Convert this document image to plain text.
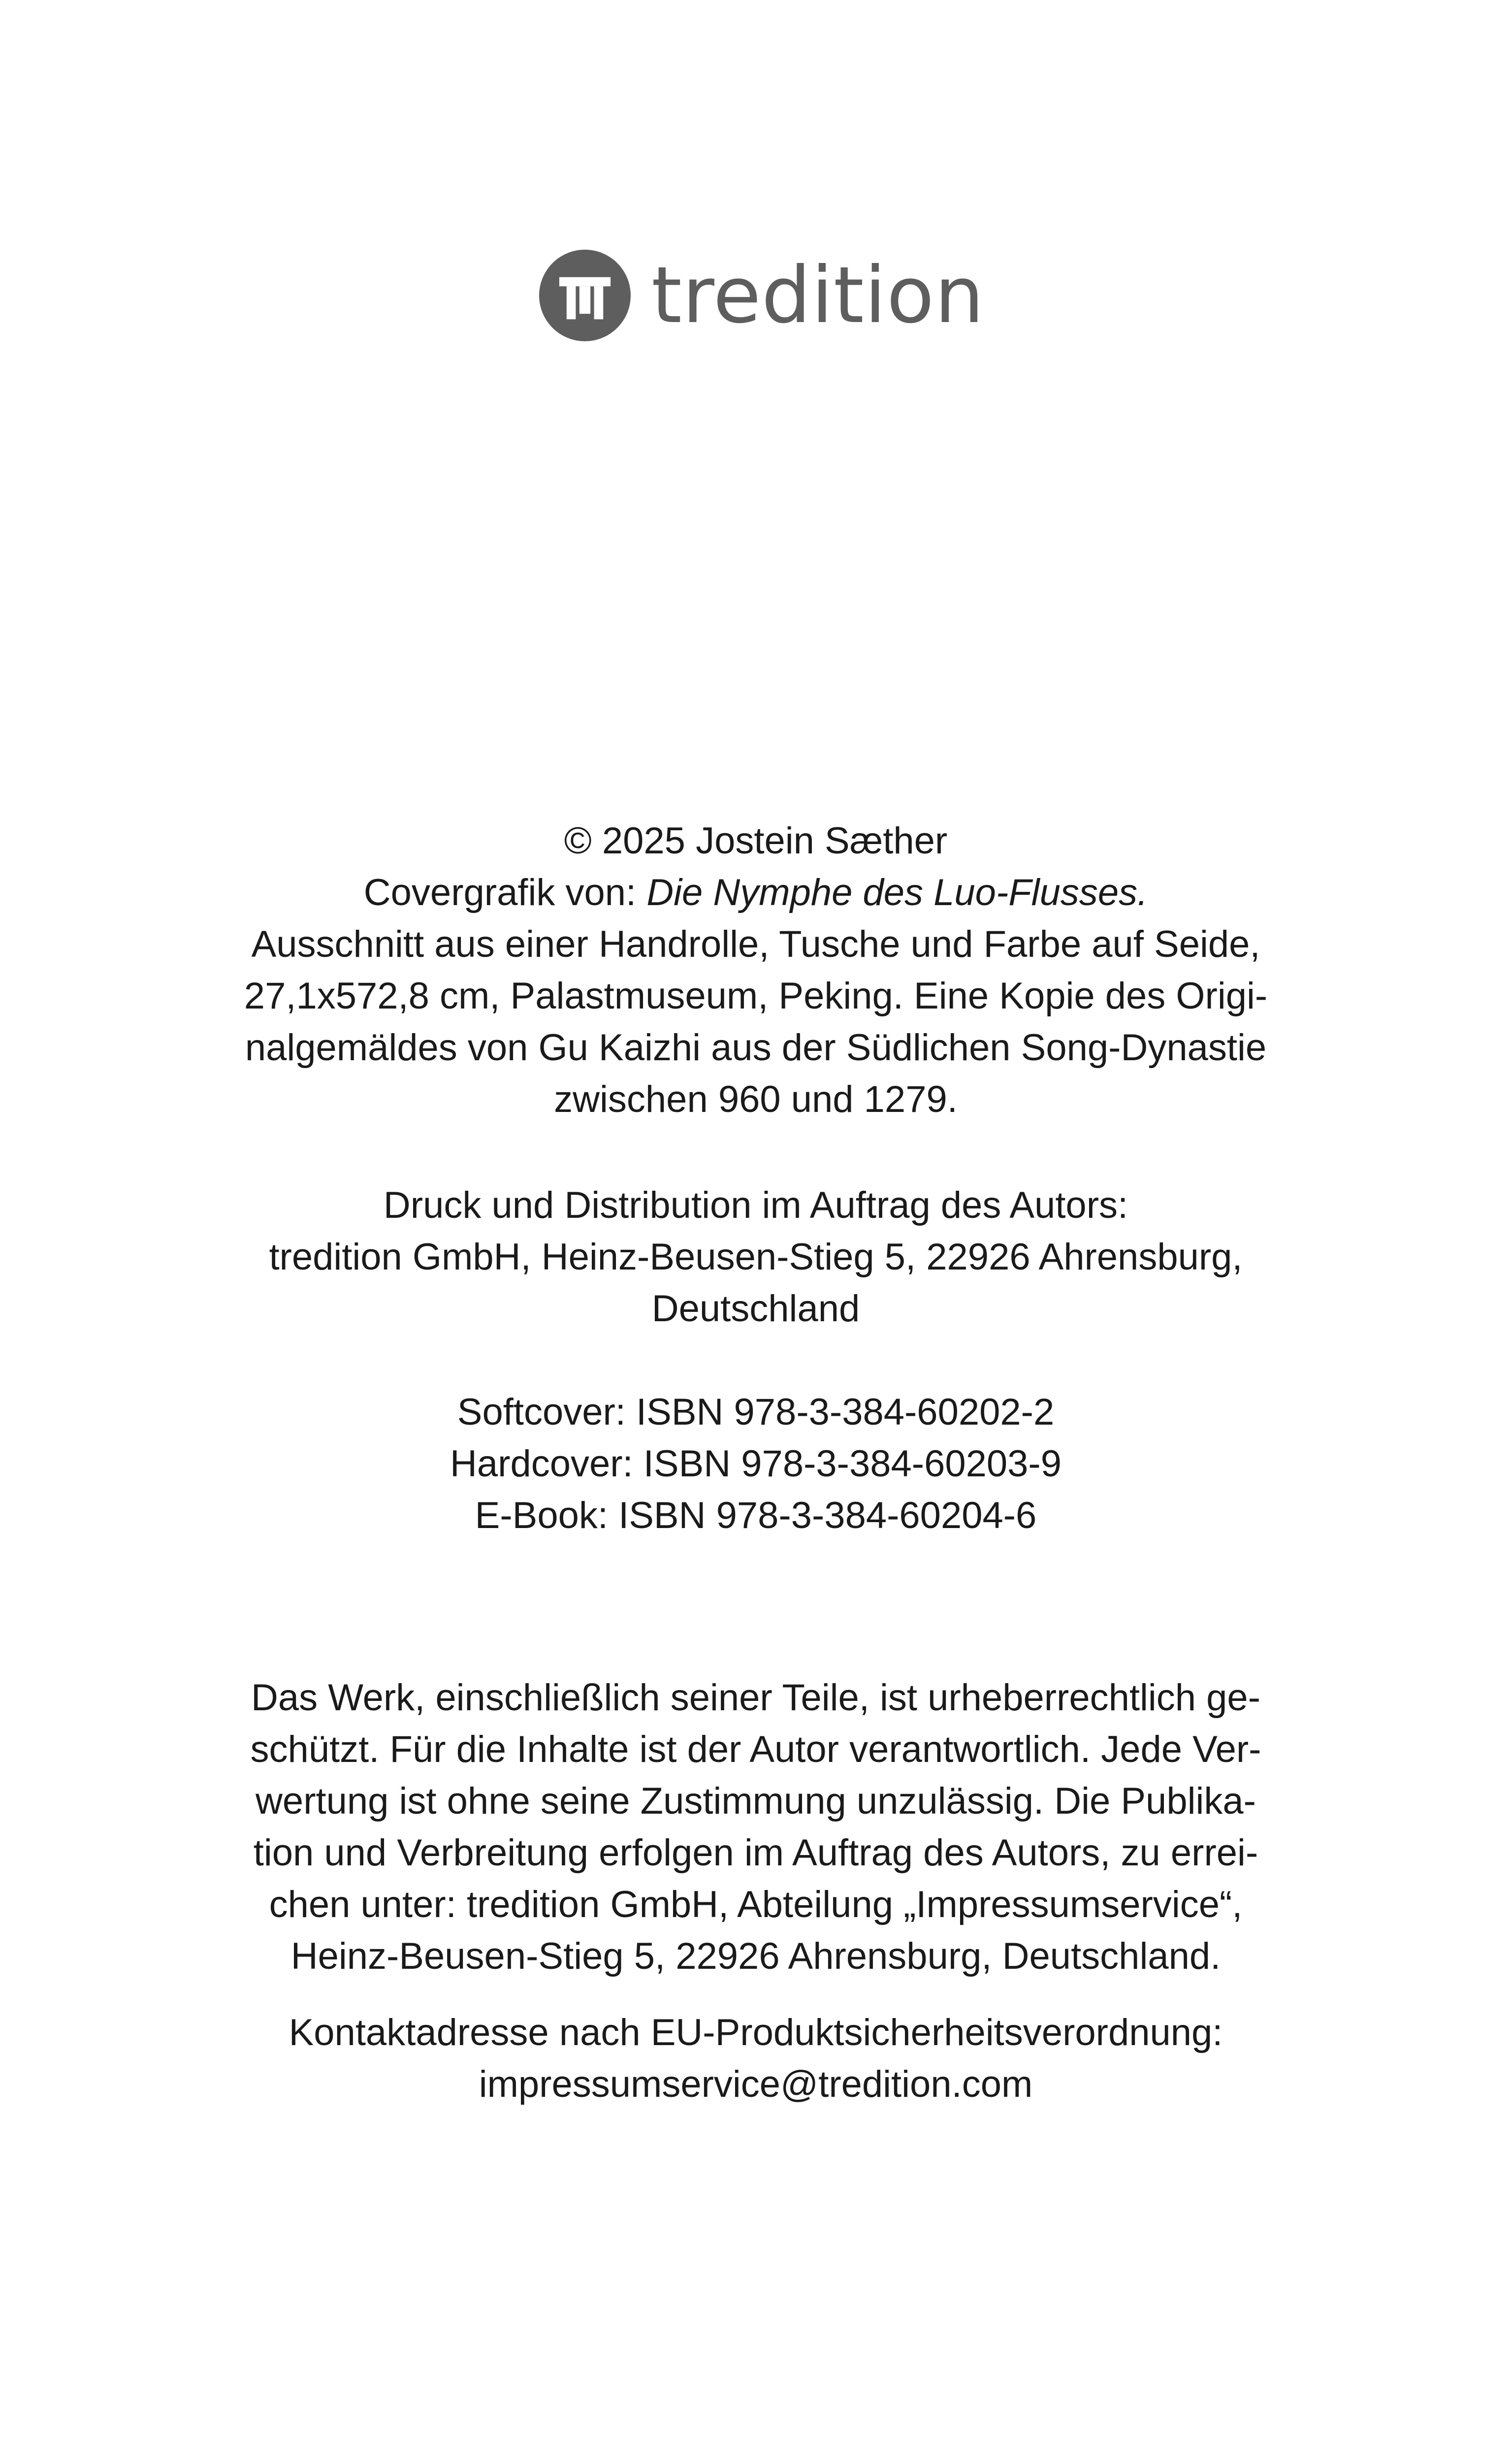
tredition
© 2025 Jostein Sæther
Covergrafik von: Die Nymphe des Luo-Flusses.
Ausschnitt aus einer Handrolle, Tusche und Farbe auf Seide,
27,1x572,8 cm, Palastmuseum, Peking. Eine Kopie des Origi-
nalgemäldes von Gu Kaizhi aus der Südlichen Song-Dynastie
zwischen 960 und 1279.
Druck und Distribution im Auftrag des Autors:
tredition GmbH, Heinz-Beusen-Stieg 5, 22926 Ahrensburg,
Deutschland
Softcover: ISBN 978-3-384-60202-2
Hardcover: ISBN 978-3-384-60203-9
E-Book: ISBN 978-3-384-60204-6
Das Werk, einschließlich seiner Teile, ist urheberrechtlich ge-
schützt. Für die Inhalte ist der Autor verantwortlich. Jede Ver-
wertung ist ohne seine Zustimmung unzulässig. Die Publika-
tion und Verbreitung erfolgen im Auftrag des Autors, zu errei-
chen unter: tredition GmbH, Abteilung „Impressumservice“,
Heinz-Beusen-Stieg 5, 22926 Ahrensburg, Deutschland.
Kontaktadresse nach EU-Produktsicherheitsverordnung:
impressumservice@tredition.com
